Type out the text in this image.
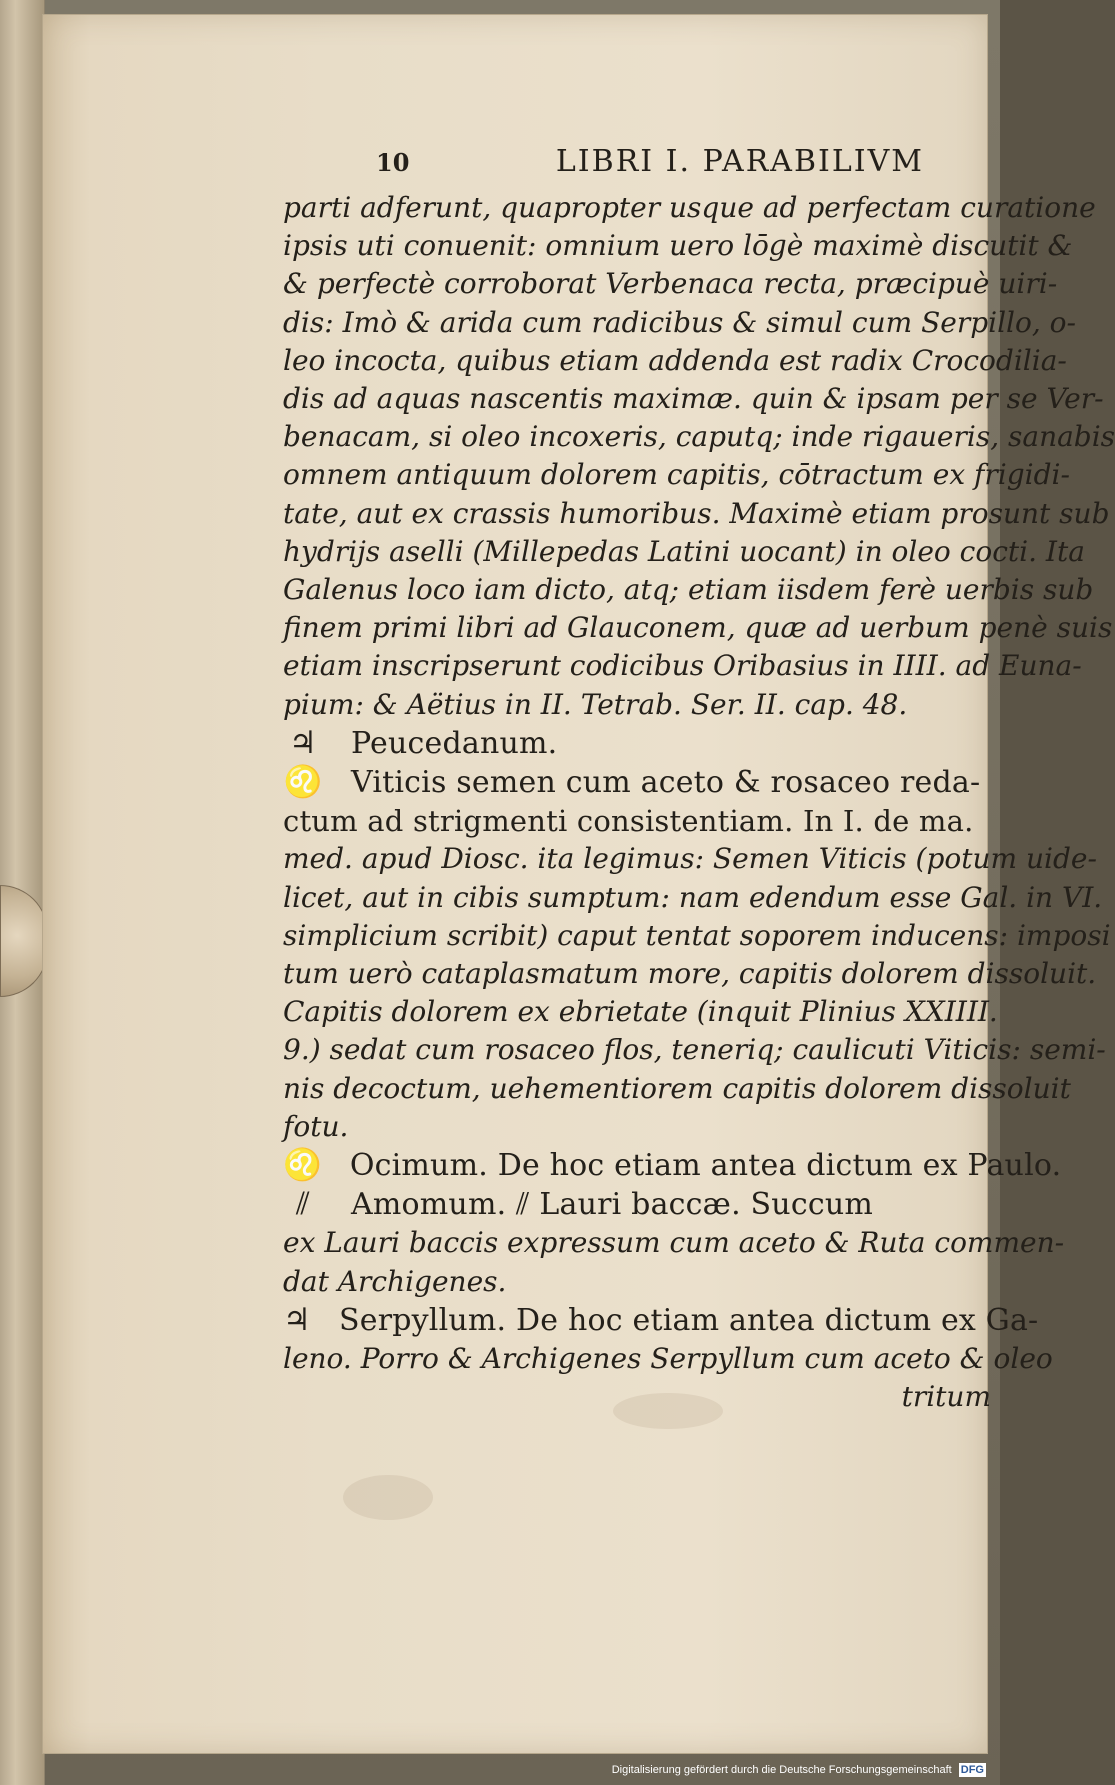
10	LIBRI I. PARABILIVM
parti adferunt, quapropter usque ad perfectam curatione
ipsis uti conuenit: omnium uero lōgè maximè discutit &
& perfectè corroborat Verbenaca recta, præcipuè uiri-
dis: Imò & arida cum radicibus & simul cum Serpillo, o-
leo incocta, quibus etiam addenda est radix Crocodilia-
dis ad aquas nascentis maximæ. quin & ipsam per se Ver-
benacam, si oleo incoxeris, caputq; inde rigaueris, sanabis
omnem antiquum dolorem capitis, cōtractum ex frigidi-
tate, aut ex crassis humoribus. Maximè etiam prosunt sub
hydrijs aselli (Millepedas Latini uocant) in oleo cocti. Ita
Galenus loco iam dicto, atq; etiam iisdem ferè uerbis sub
finem primi libri ad Glauconem, quæ ad uerbum penè suis
etiam inscripserunt codicibus Oribasius in IIII. ad Euna-
pium: & Aëtius in II. Tetrab. Ser. II. cap. 48.
♃ Peucedanum.
♌ Viticis semen cum aceto & rosaceo reda-
ctum ad strigmenti consistentiam. In I. de ma.
med. apud Diosc. ita legimus: Semen Viticis (potum uide-
licet, aut in cibis sumptum: nam edendum esse Gal. in VI.
simplicium scribit) caput tentat soporem inducens: imposi
tum uerò cataplasmatum more, capitis dolorem dissoluit.
Capitis dolorem ex ebrietate (inquit Plinius XXIIII.
9.) sedat cum rosaceo flos, teneriq; caulicuti Viticis: semi-
nis decoctum, uehementiorem capitis dolorem dissoluit
fotu.
♌ Ocimum. De hoc etiam antea dictum ex Paulo.
⫽	Amomum. ⫽ Lauri baccæ. Succum
ex Lauri baccis expressum cum aceto & Ruta commen-
dat Archigenes.
♃ Serpyllum. De hoc etiam antea dictum ex Ga-
leno. Porro & Archigenes Serpyllum cum aceto & oleo
tritum
Digitalisierung gefördert durch die Deutsche Forschungsgemeinschaft DFG
